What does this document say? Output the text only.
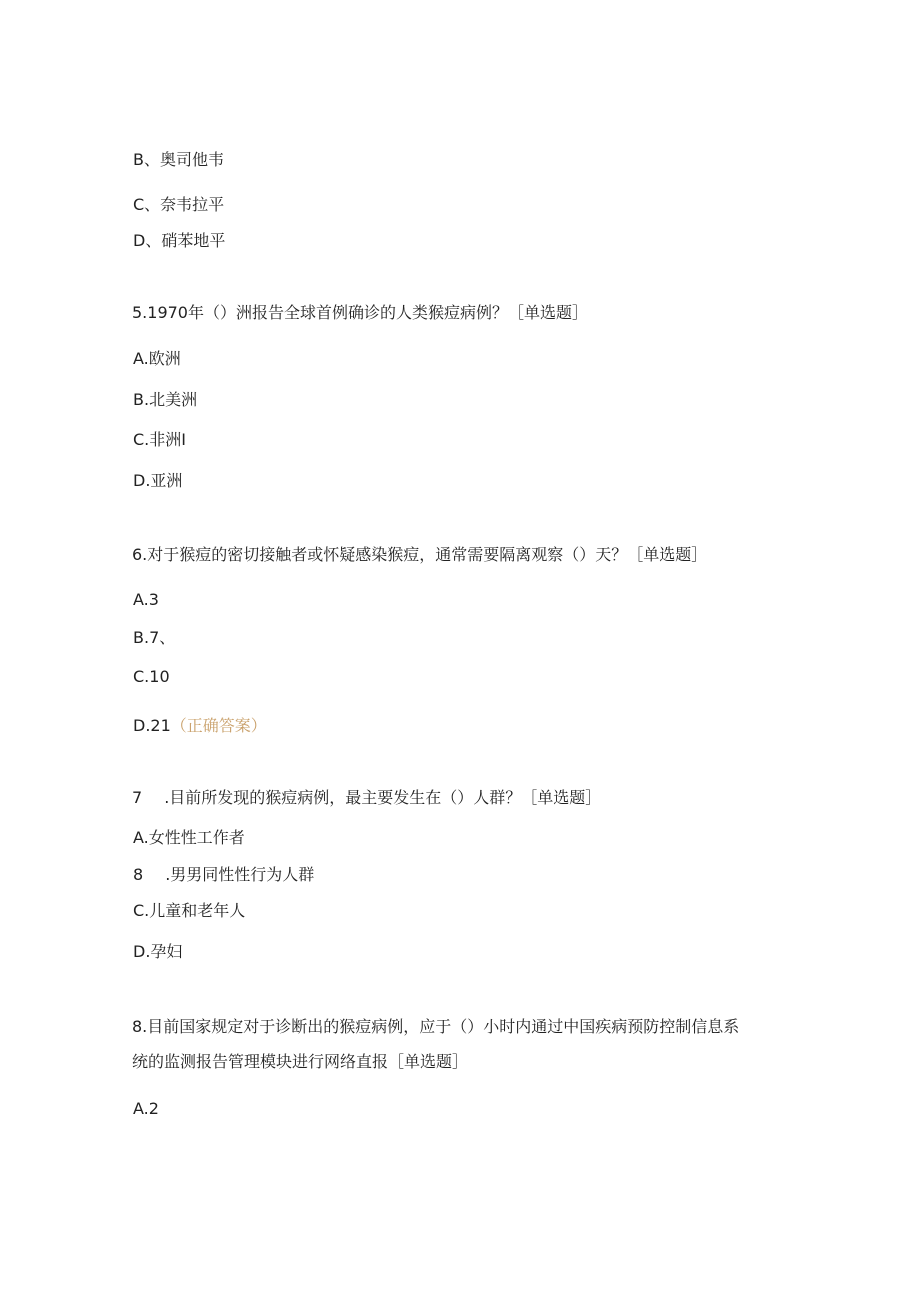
B、奥司他韦
C、奈韦拉平
D、硝苯地平
5.1970年（）洲报告全球首例确诊的人类猴痘病例？［单选题］
A.欧洲
B.北美洲
C.非洲I
D.亚洲
6.对于猴痘的密切接触者或怀疑感染猴痘，通常需要隔离观察（）天？［单选题］
A.3
B.7、
C.10
D.21（正确答案）
7 .目前所发现的猴痘病例，最主要发生在（）人群？［单选题］
A.女性性工作者
8 .男男同性性行为人群
C.儿童和老年人
D.孕妇
8.目前国家规定对于诊断出的猴痘病例，应于（）小时内通过中国疾病预防控制信息系
统的监测报告管理模块进行网络直报［单选题］
A.2
